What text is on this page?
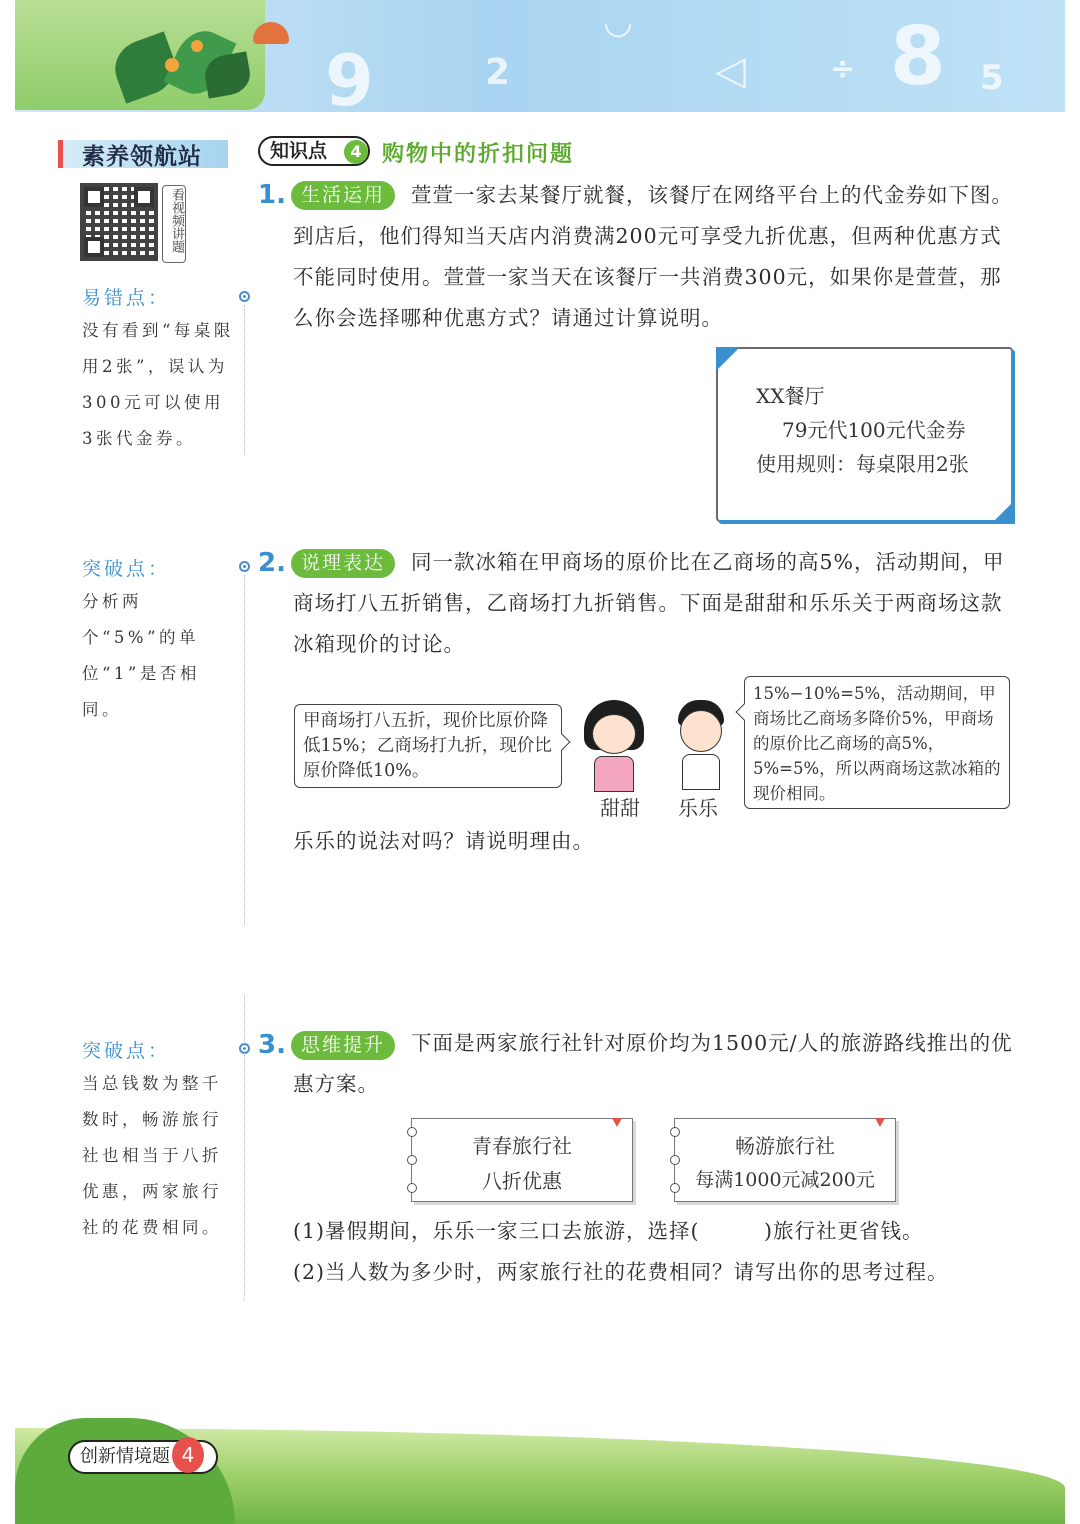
9	2	◁	÷ 8 5
◡
素养领航站
看视频讲题
易错点：
没有看到“每桌限用2张”，误认为300元可以使用3张代金券。
突破点：
分析两个“5%”的单位“1”是否相同。
突破点：
当总钱数为整千数时，畅游旅行社也相当于八折优惠，两家旅行社的花费相同。
知识点	4 购物中的折扣问题
1. 生活运用	萱萱一家去某餐厅就餐，该餐厅在网络平台上的代金券如下图。到店后，他们得知当天店内消费满200元可享受九折优惠，但两种优惠方式不能同时使用。萱萱一家当天在该餐厅一共消费300元，如果你是萱萱，那么你会选择哪种优惠方式？请通过计算说明。
XX餐厅
79元代100元代金券
使用规则：每桌限用2张
2. 说理表达	同一款冰箱在甲商场的原价比在乙商场的高5%，活动期间，甲商场打八五折销售，乙商场打九折销售。下面是甜甜和乐乐关于两商场这款冰箱现价的讨论。
甲商场打八五折，现价比原价降低15%；乙商场打九折，现价比原价降低10%。
甜甜 乐乐
15%−10%=5%，活动期间，甲商场比乙商场多降价5%，甲商场的原价比乙商场的高5%，5%=5%，所以两商场这款冰箱的现价相同。
乐乐的说法对吗？请说明理由。
3. 思维提升	下面是两家旅行社针对原价均为1500元/人的旅游路线推出的优惠方案。
青春旅行社
八折优惠
畅游旅行社
每满1000元减200元
(1)暑假期间，乐乐一家三口去旅游，选择(　　　)旅行社更省钱。
(2)当人数为多少时，两家旅行社的花费相同？请写出你的思考过程。
创新情境题 4
